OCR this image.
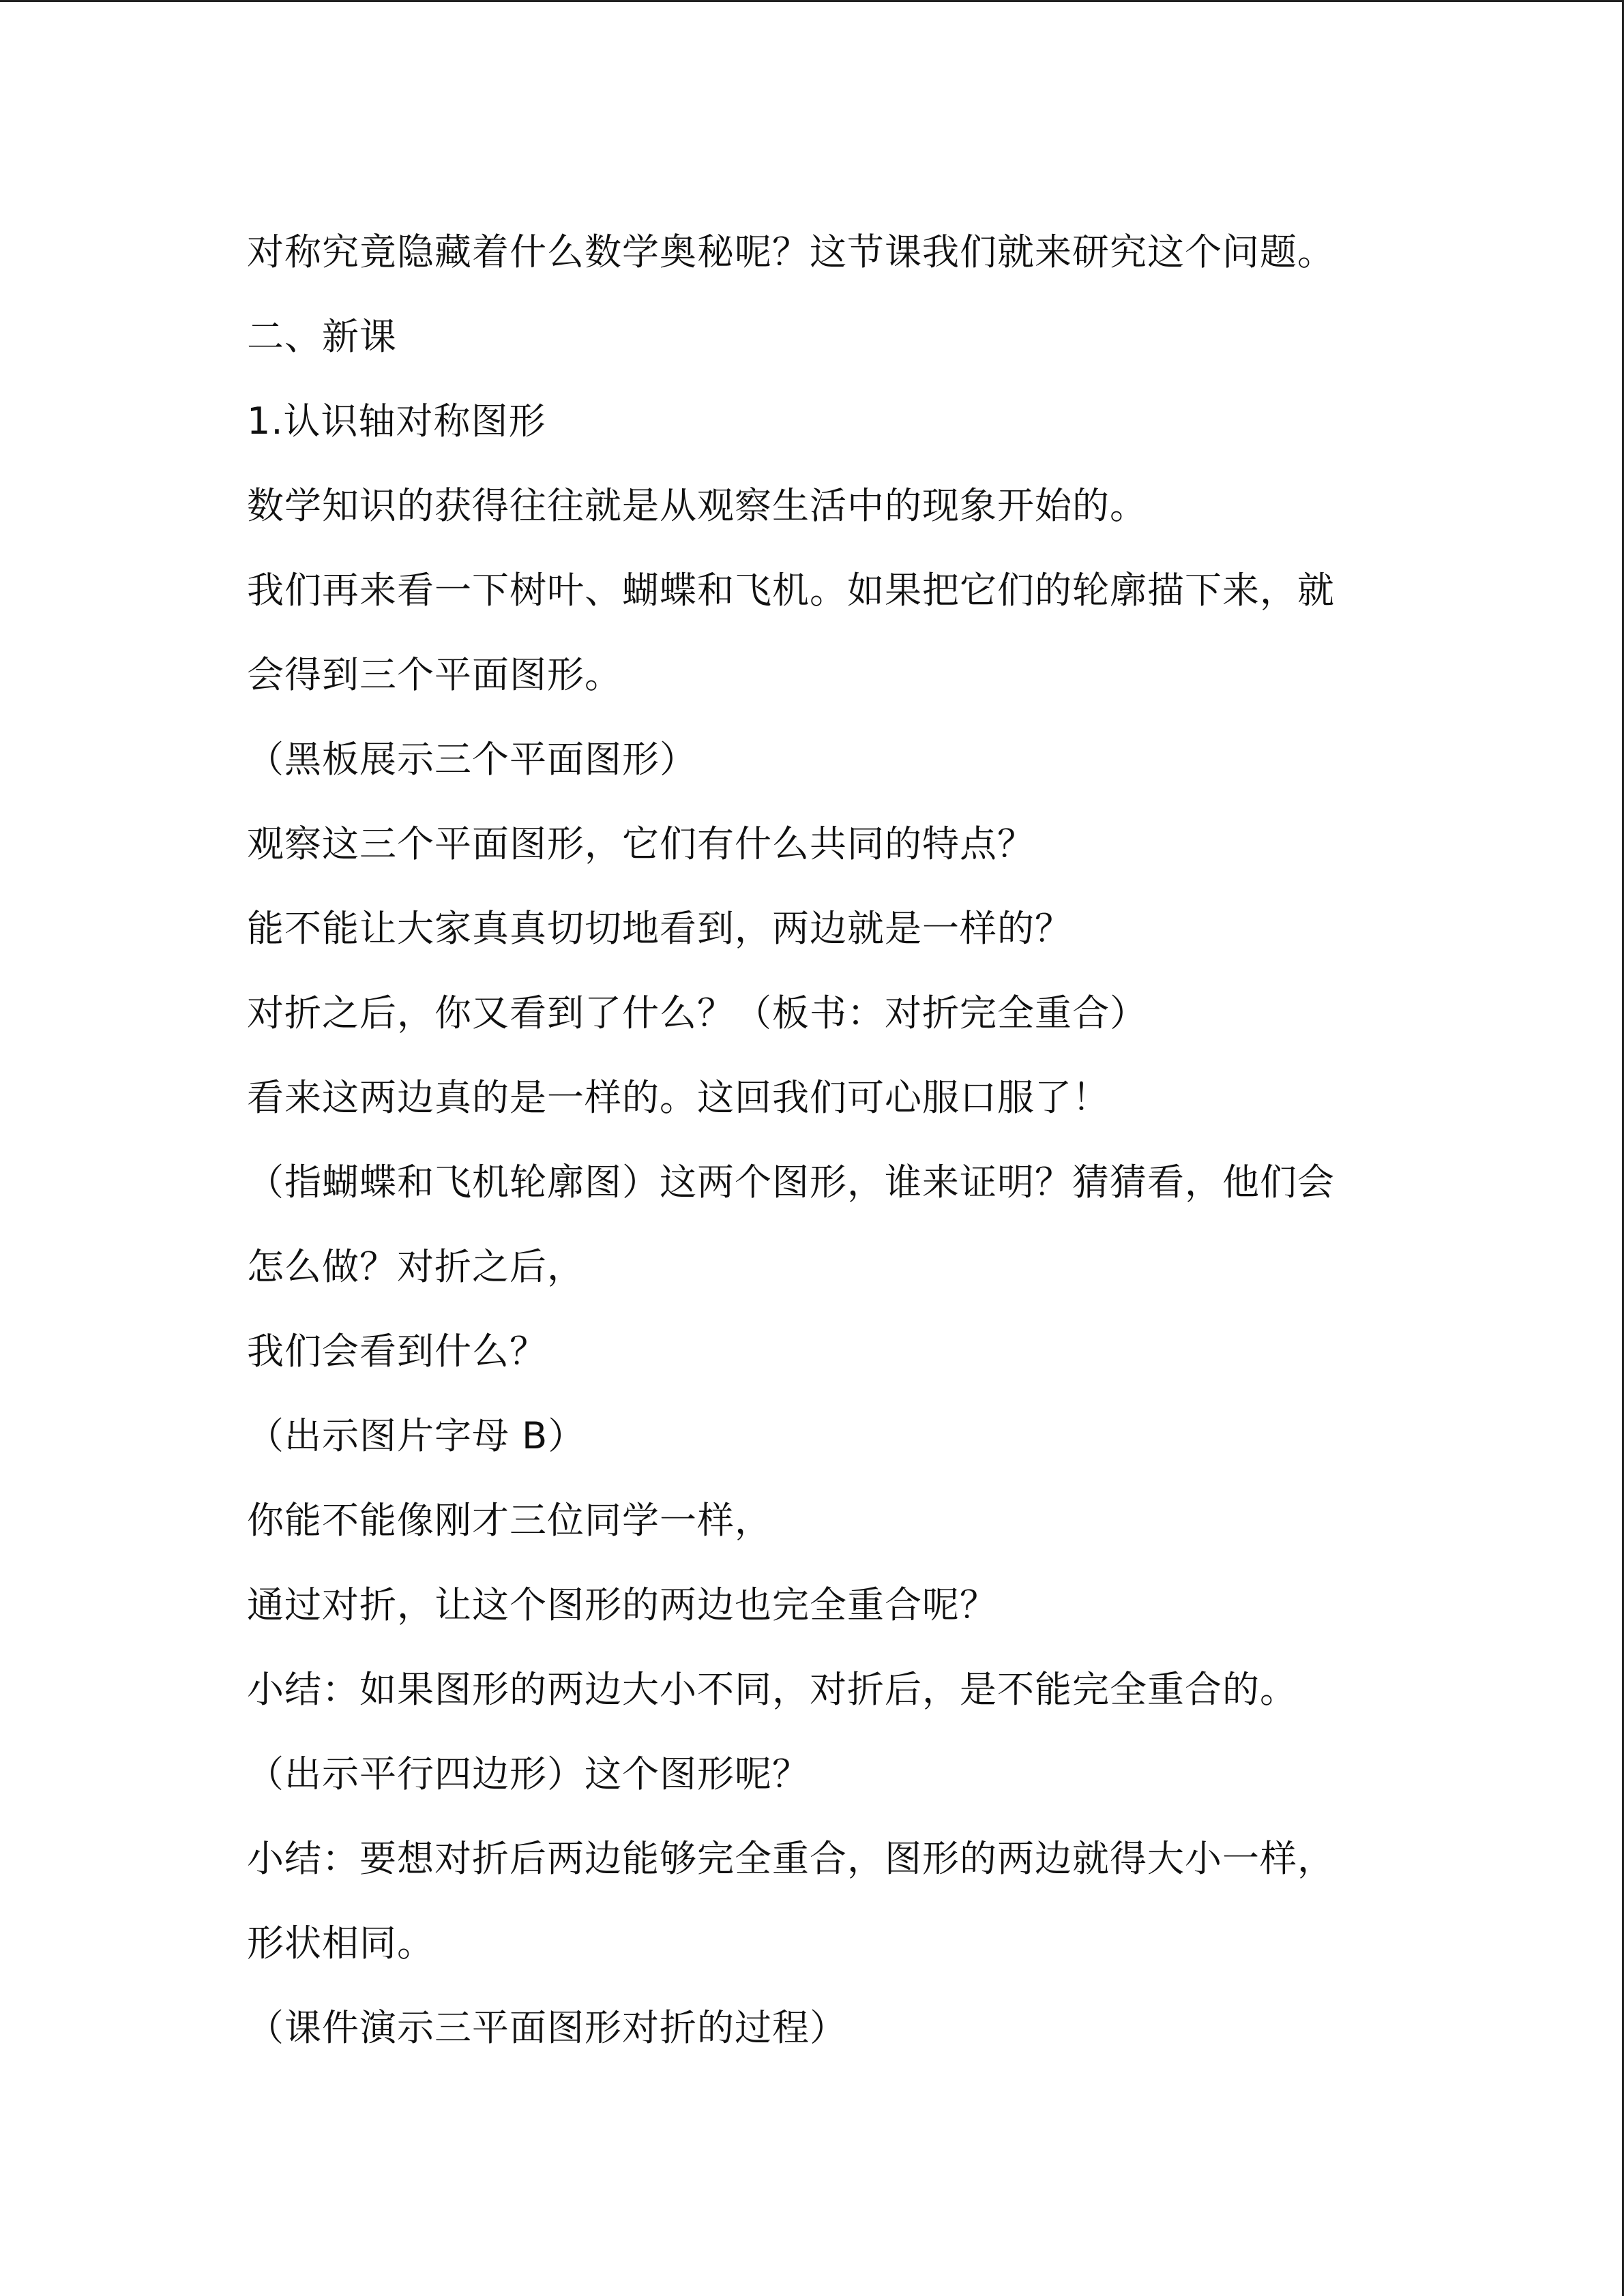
对称究竟隐藏着什么数学奥秘呢？这节课我们就来研究这个问题。
二、新课
1.认识轴对称图形
数学知识的获得往往就是从观察生活中的现象开始的。
我们再来看一下树叶、蝴蝶和飞机。如果把它们的轮廓描下来，就
会得到三个平面图形。
（黑板展示三个平面图形）
观察这三个平面图形，它们有什么共同的特点？
能不能让大家真真切切地看到，两边就是一样的？
对折之后，你又看到了什么？（板书：对折完全重合）
看来这两边真的是一样的。这回我们可心服口服了！
（指蝴蝶和飞机轮廓图）这两个图形，谁来证明？猜猜看，他们会
怎么做？对折之后，
我们会看到什么？
（出示图片字母 B）
你能不能像刚才三位同学一样，
通过对折，让这个图形的两边也完全重合呢？
小结：如果图形的两边大小不同，对折后，是不能完全重合的。
（出示平行四边形）这个图形呢？
小结：要想对折后两边能够完全重合，图形的两边就得大小一样，
形状相同。
（课件演示三平面图形对折的过程）
